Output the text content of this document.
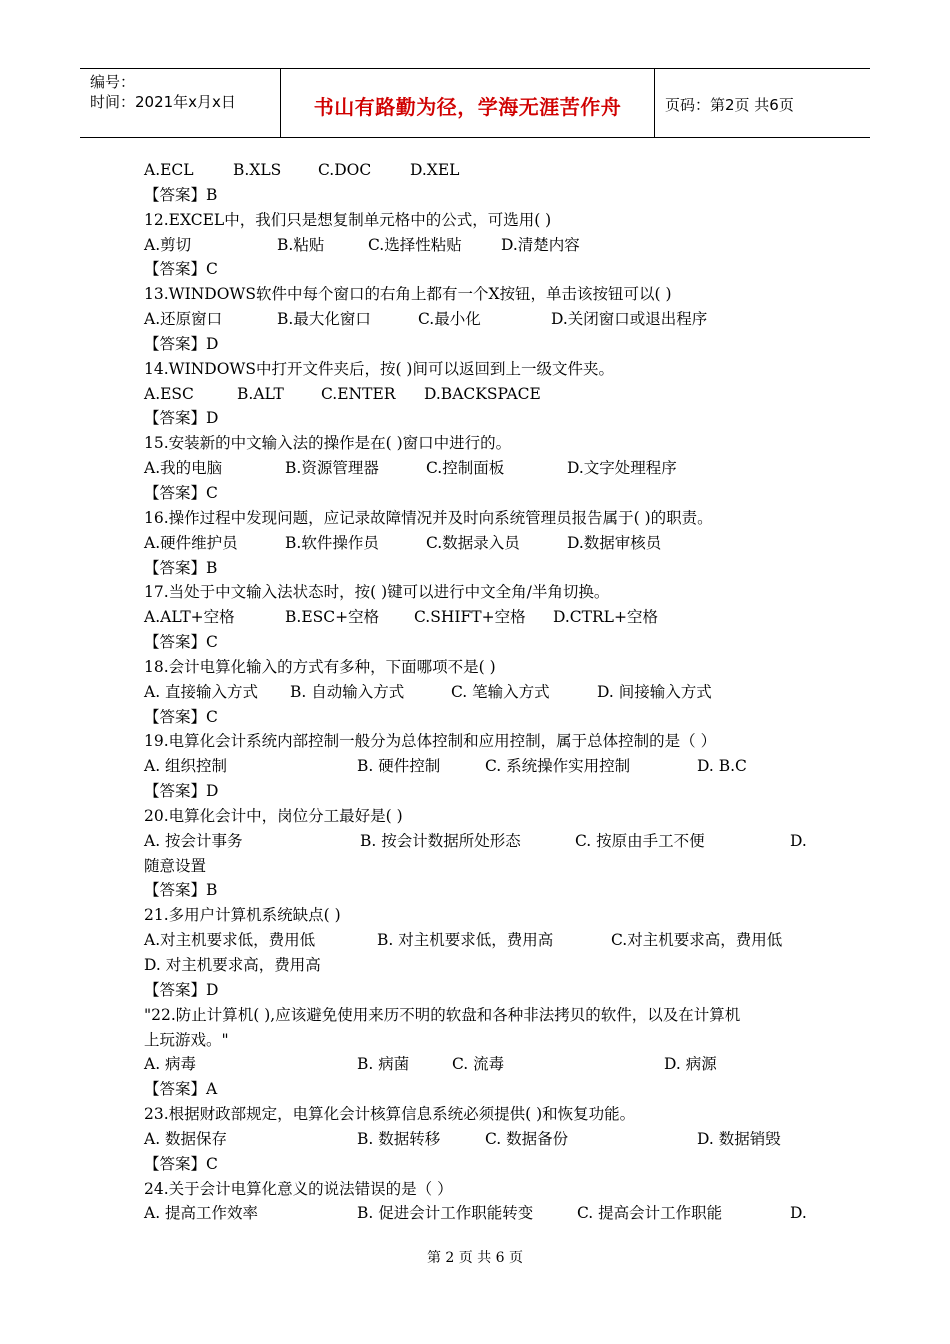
编号：
时间：2021年x月x日	书山有路勤为径，学海无涯苦作舟	页码：第2页 共6页
A.ECL	B.XLS C.DOC	D.XEL
【答案】B
12.EXCEL中，我们只是想复制单元格中的公式，可选用( )
A.剪切	B.粘贴	C.选择性粘贴	D.清楚内容
【答案】C
13.WINDOWS软件中每个窗口的右角上都有一个X按钮，单击该按钮可以( )
A.还原窗口	B.最大化窗口	C.最小化	D.关闭窗口或退出程序
【答案】D
14.WINDOWS中打开文件夹后，按( )间可以返回到上一级文件夹。
A.ESC	B.ALT C.ENTER D.BACKSPACE
【答案】D
15.安装新的中文输入法的操作是在( )窗口中进行的。
A.我的电脑	B.资源管理器	C.控制面板	D.文字处理程序
【答案】C
16.操作过程中发现问题，应记录故障情况并及时向系统管理员报告属于( )的职责。
A.硬件维护员	B.软件操作员	C.数据录入员	D.数据审核员
【答案】B
17.当处于中文输入法状态时，按( )键可以进行中文全角/半角切换。
A.ALT+空格	B.ESC+空格 C.SHIFT+空格 D.CTRL+空格
【答案】C
18.会计电算化输入的方式有多种，下面哪项不是( )
A. 直接输入方式 B. 自动输入方式	C. 笔输入方式	D. 间接输入方式
【答案】C
19.电算化会计系统内部控制一般分为总体控制和应用控制，属于总体控制的是（ ）
A. 组织控制	B. 硬件控制	C. 系统操作实用控制	D. B.C
【答案】D
20.电算化会计中，岗位分工最好是( )
A. 按会计事务	B. 按会计数据所处形态	C. 按原由手工不便	D.
随意设置
【答案】B
21.多用户计算机系统缺点( )
A.对主机要求低，费用低	B. 对主机要求低，费用高	C.对主机要求高，费用低
D. 对主机要求高，费用高
【答案】D
"22.防止计算机( ),应该避免使用来历不明的软盘和各种非法拷贝的软件，以及在计算机
上玩游戏。"
A. 病毒	B. 病菌	C. 流毒	D. 病源
【答案】A
23.根据财政部规定，电算化会计核算信息系统必须提供( )和恢复功能。
A. 数据保存	B. 数据转移	C. 数据备份	D. 数据销毁
【答案】C
24.关于会计电算化意义的说法错误的是（ ）
A. 提高工作效率	B. 促进会计工作职能转变	C. 提高会计工作职能	D.
第 2 页 共 6 页
